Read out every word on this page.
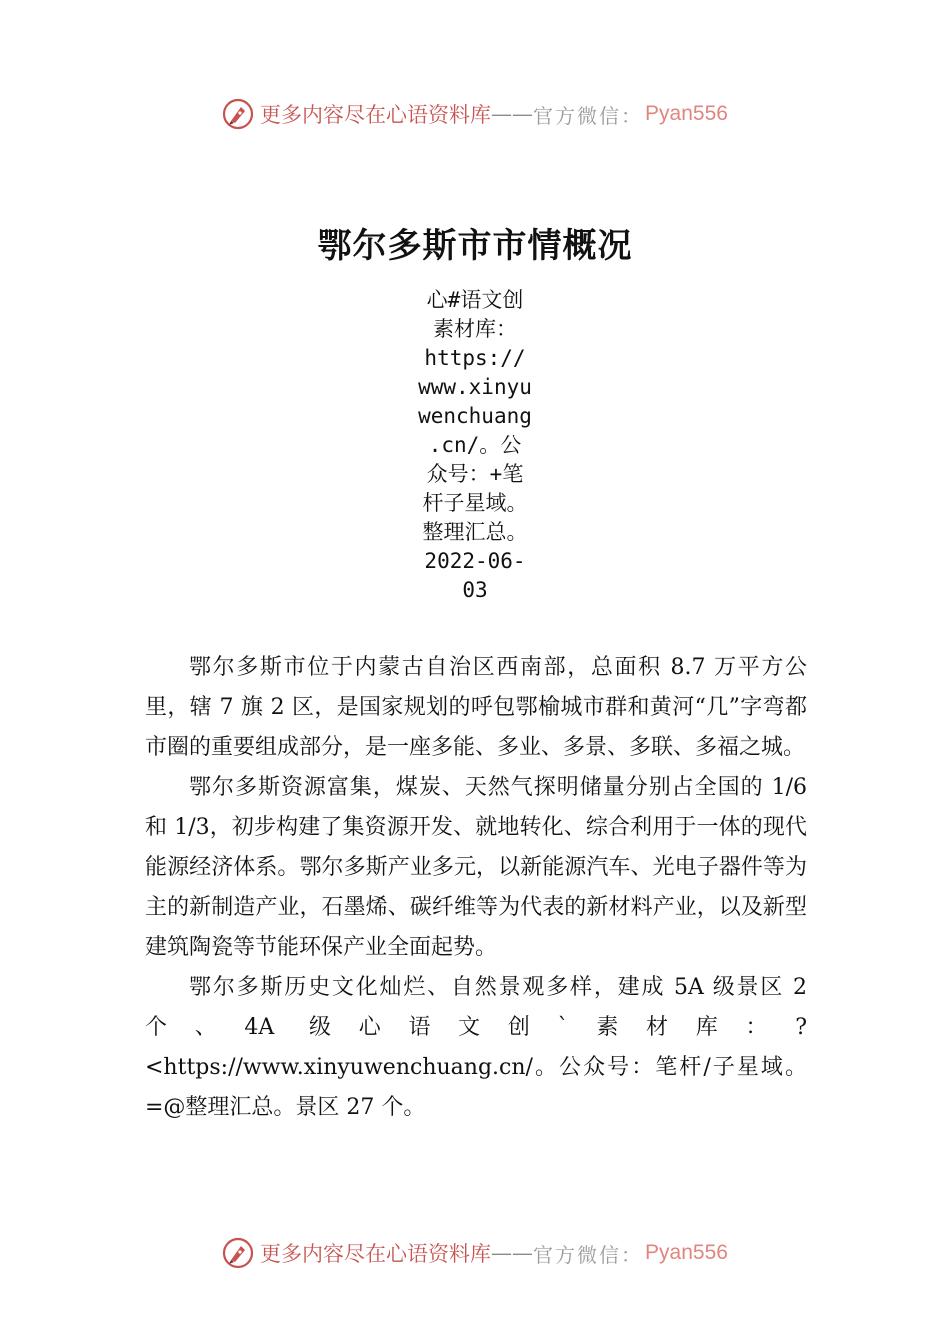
更多内容尽在心语资料库 —— 官方微信： Pyan556
鄂尔多斯市市情概况
心#语文创
素材库：
https://
www.xinyu
wenchuang
.cn/。公
众号：+笔
杆子星域。
整理汇总。
2022-06-
03

鄂尔多斯市位于内蒙古自治区西南部，总面积 8.7 万平方公里，辖 7 旗 2 区，是国家规划的呼包鄂榆城市群和黄河“几”字弯都市圈的重要组成部分，是一座多能、多业、多景、多联、多福之城。

鄂尔多斯资源富集，煤炭、天然气探明储量分别占全国的 1/6 和 1/3，初步构建了集资源开发、就地转化、综合利用于一体的现代能源经济体系。鄂尔多斯产业多元，以新能源汽车、光电子器件等为主的新制造产业，石墨烯、碳纤维等为代表的新材料产业，以及新型建筑陶瓷等节能环保产业全面起势。

鄂尔多斯历史文化灿烂、自然景观多样，建成 5A 级景区 2 个、4A 级心语文创`素材库：?<https://www.xinyuwenchuang.cn/。公众号：笔杆/子星域。=@整理汇总。景区 27 个。

更多内容尽在心语资料库 —— 官方微信： Pyan556
